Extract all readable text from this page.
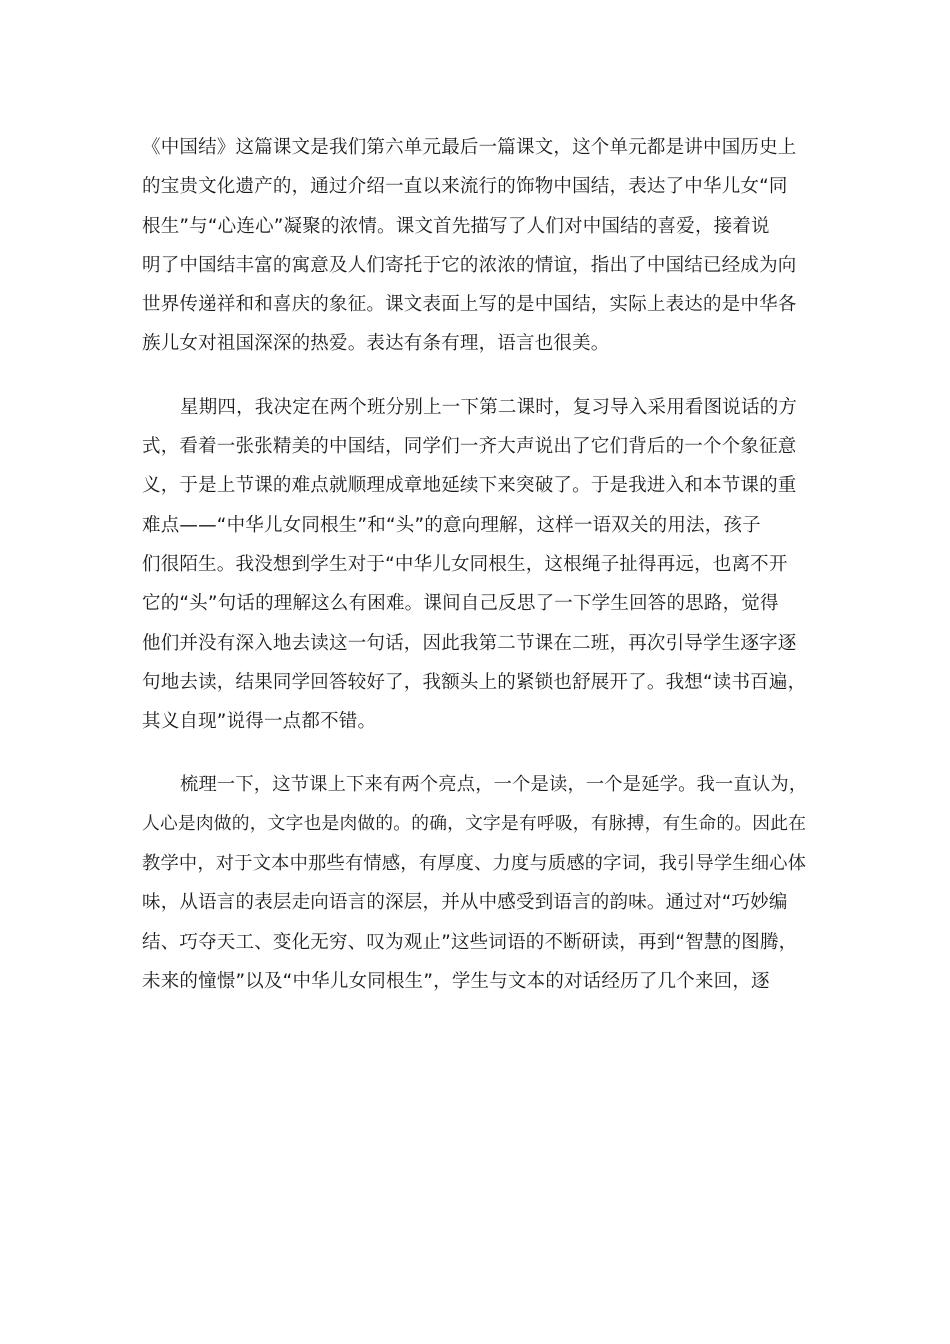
《中国结》这篇课文是我们第六单元最后一篇课文，这个单元都是讲中国历史上
的宝贵文化遗产的，通过介绍一直以来流行的饰物中国结，表达了中华儿女“同
根生”与“心连心”凝聚的浓情。课文首先描写了人们对中国结的喜爱，接着说
明了中国结丰富的寓意及人们寄托于它的浓浓的情谊，指出了中国结已经成为向
世界传递祥和和喜庆的象征。课文表面上写的是中国结，实际上表达的是中华各
族儿女对祖国深深的热爱。表达有条有理，语言也很美。

星期四，我决定在两个班分别上一下第二课时，复习导入采用看图说话的方
式，看着一张张精美的中国结，同学们一齐大声说出了它们背后的一个个象征意
义，于是上节课的难点就顺理成章地延续下来突破了。于是我进入和本节课的重
难点——“中华儿女同根生”和“头”的意向理解，这样一语双关的用法，孩子
们很陌生。我没想到学生对于“中华儿女同根生，这根绳子扯得再远，也离不开
它的“头”句话的理解这么有困难。课间自己反思了一下学生回答的思路，觉得
他们并没有深入地去读这一句话，因此我第二节课在二班，再次引导学生逐字逐
句地去读，结果同学回答较好了，我额头上的紧锁也舒展开了。我想“读书百遍，
其义自现”说得一点都不错。

梳理一下，这节课上下来有两个亮点，一个是读，一个是延学。我一直认为，
人心是肉做的，文字也是肉做的。的确，文字是有呼吸，有脉搏，有生命的。因此在
教学中，对于文本中那些有情感，有厚度、力度与质感的字词，我引导学生细心体
味，从语言的表层走向语言的深层，并从中感受到语言的韵味。通过对“巧妙编
结、巧夺天工、变化无穷、叹为观止”这些词语的不断研读，再到“智慧的图腾，
未来的憧憬”以及“中华儿女同根生”，学生与文本的对话经历了几个来回，逐
